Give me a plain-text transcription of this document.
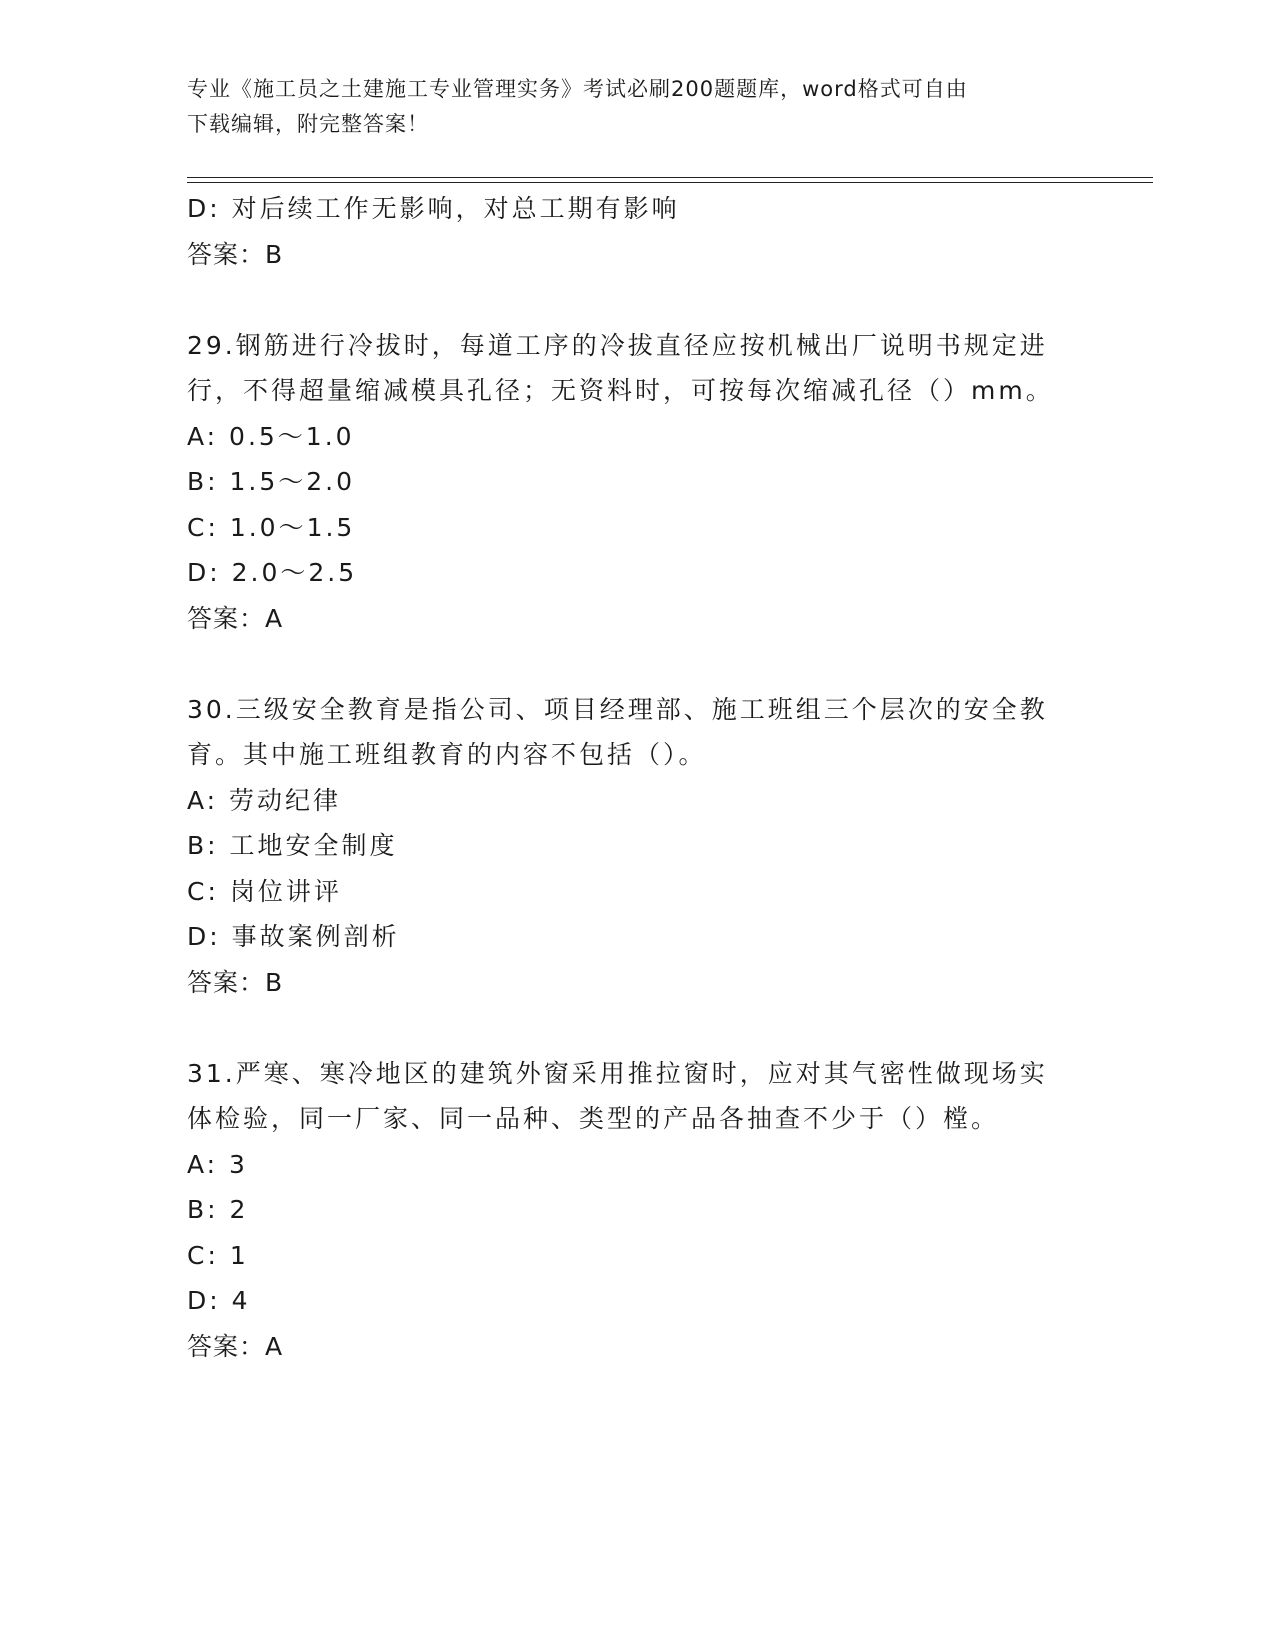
专业《施工员之土建施工专业管理实务》考试必刷200题题库，word格式可自由
下载编辑，附完整答案！
D: 对后续工作无影响，对总工期有影响
答案：B
29.钢筋进行冷拔时，每道工序的冷拔直径应按机械出厂说明书规定进
行，不得超量缩减模具孔径；无资料时，可按每次缩减孔径（）mm。
A: 0.5～1.0
B: 1.5～2.0
C: 1.0～1.5
D: 2.0～2.5
答案：A
30.三级安全教育是指公司、项目经理部、施工班组三个层次的安全教
育。其中施工班组教育的内容不包括（）。
A: 劳动纪律
B: 工地安全制度
C: 岗位讲评
D: 事故案例剖析
答案：B
31.严寒、寒冷地区的建筑外窗采用推拉窗时，应对其气密性做现场实
体检验，同一厂家、同一品种、类型的产品各抽查不少于（）樘。
A: 3
B: 2
C: 1
D: 4
答案：A
